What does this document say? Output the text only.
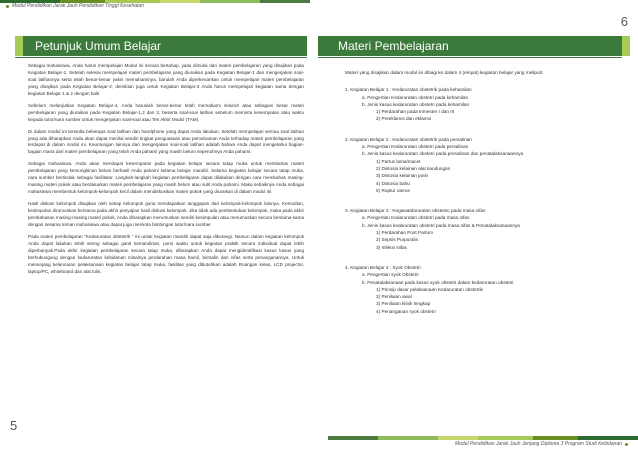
Modul Pendidikan Jarak Jauh Pendidikan Tinggi Kesehatan
6
Petunjuk Umum Belajar	Materi Pembelajaran

Sebagai mahasiswa, Anda harus mempelajari Modul ini secara bertahap, yaitu dimulai dari materi pembelajaran yang disajikan pada Kegiatan Belajar-1. Setelah selesai mempelajari materi pembelajaran yang diuraikan pada Kegiatan Belajar-1 dan mengerjakan soal-soal latihannya serta telah benar-benar yakin memahaminya, barulah Anda diperkenankan untuk mempelajari materi pembelajaran yang disajikan pada Kegiatan Belajar-2, demikian juga untuk Kegiatan Belajar-3 Anda harus mempelajari kegiatan sama dengan kegiatan Belajar 1 & 2 dengan baik

Sebelum melanjutkan Kegiatan Belajar-4, Anda harusiah benar-benar telah memahami seluruh atau sebagian besar materi pembelajaran yang diuraikan pada Kegiatan Belajar-1,2 dan 3, beserta soal-soal latihan sebelum meminta kesempatan atau waktu kepada tutor/nara sumber untuk mengerjakan soal-soal atau Tes Akhir Modul (TAM).

Di dalam modul ini tersedia beberapa soal latihan dan handphone yang dapat Anda lakukan. Setelah mempelajari semua soal latihan yang ada diharapkan Anda akan dapat menilai sendiri tingkat penguasaan atau pemahaman Anda terhadap materi pembelajaran yang terdapat di dalam modul ini. Keuntungan lainnya dari mengerjakan soal-soal latihan adalah bahwa Anda dapat mengetahui bagian-bagian mana dari materi pembelajaran yang telah Anda pahami yang masih belum sepenuhnya Anda pahami.

Sebagai mahasiswa, Anda akan mendapat kesempatan pada kegiatan belajar secara tatap muka untuk membahas materi pembelajaran yang kemungkinan belum berhasil Anda pahami selama belajar mandiri. Selama kegiatan belajar secara tatap muka, nara sumber bertindak sebagai fasilitator. Langkah-langkah kegiatan pembelajaran dapat dilakukan dengan cara membahas masing-masing materi pokok atau berdasarkan materi pembelajaran yang masih belum atau sulit Anda pahami. Maka sebaiknya Anda sebagai mahasiswa membentuk kelompok-kelompok kecil dalam mendiskusikan materi pokok yang diuraikan di dalam modul ini.

Hasil diskusi kelompok disajikan oleh setiap kelompok guna mendapatkan tanggapan dari kelompok-kelompok lainnya. Kemudian, kesimpulan dirumuskan bersama pada akhir penyajian hasil diskusi kelompok. Jika tidak ada pembentukan kelompok, maka pada akhir pembahasan masing-masing materi pokok, Anda diharapkan merumuskan sendiri kesimpulan atau merumuskan secara bersama-sama dengan sesama teman mahasiswa atau dapat juga meminta bimbingan tutor/nara sumber.

Pada materi pembelajaran "Kedaruratan obstetrik " ini untuk kegiatan mandiri dapat saja dikurangi. Namun dalam kegiatan kelompok Anda dapat lakukan lebih sering sebagai ganti kemandirian, porsi waktu untuk kegiatan praktik secara individual dapat lebih diperbanyak.Pada akhir kegiatan pembelajaran secara tatap muka, diharapkan Anda dapat mengidentifikasi kasus kasus yang berhubungang dengan kedaruratan kebidanan misalnya perdarahan masa hamil, bersalin dan nifas serta penanganannya. Untuk menunjang kelancaran pelaksanaan kegiatan belajar tatap muka, fasilitas yang dibutuhkan adalah Ruangan kelas, LCD projector, laptop/PC, whiteboard dan alat tulis.

Materi yang disajikan dalam modul ini dibagi ke dalam 4 (empat) kegiatan belajar yang meliputi:
1. Kegiatan Belajar 1 : Kedaruratan obstetrik pada kehamilan
a. Pengertian Kedaruratan obstetri pada kehamilan
b. Jenis kasus kedaruratan obstetri pada kehamilan
1) Perdarahan pada trimester I dan III
2) Preeklamsi dan eklamsi
2. Kegiatan Belajar 2 : Kedaruratan obstetrik pada persalinan
a. Pengertian Kedaruratan obstetri pada persalinan
b. Jenis kasus kedaruratan obstetri pada persalinan dan penatalaksanaannya
1) Partus lama/macet
2) Distosia kelainan alat kandungan
3) Distosia kelainan janin
4) Distosia bahu
5) Ruptur uterus
3. Kegiatan Belajar 3 : Kegawatdaruratan obstetric pada masa nifas
a. Pengertian Kedaruratan obstetri pada masa nifas
b. Jenis kasus kedaruratan obstetri pada masa nifas & Penatalaksanaannya
1) Perdarahan Post Partum
2) Sepsis Purpuralis
3) Infeksi Nifas
4. Kegiatan Belajar 4 : Syok Obstetri
a. Pengertian syok Obstetri
b. Penatalaksanaan pada kasus syok obstetri dalam kedaruratan obstetri
1) Prinsip dasar pelaksanaan Kedaruratan obstetrik
2) Penilaian awal
3) Penilaian klinik lengkap
4) Penanganan syok obstetri
5
Modul Pendidikan Jarak Jauh Jenjang Diploma 3 Program Studi Kebidanan
